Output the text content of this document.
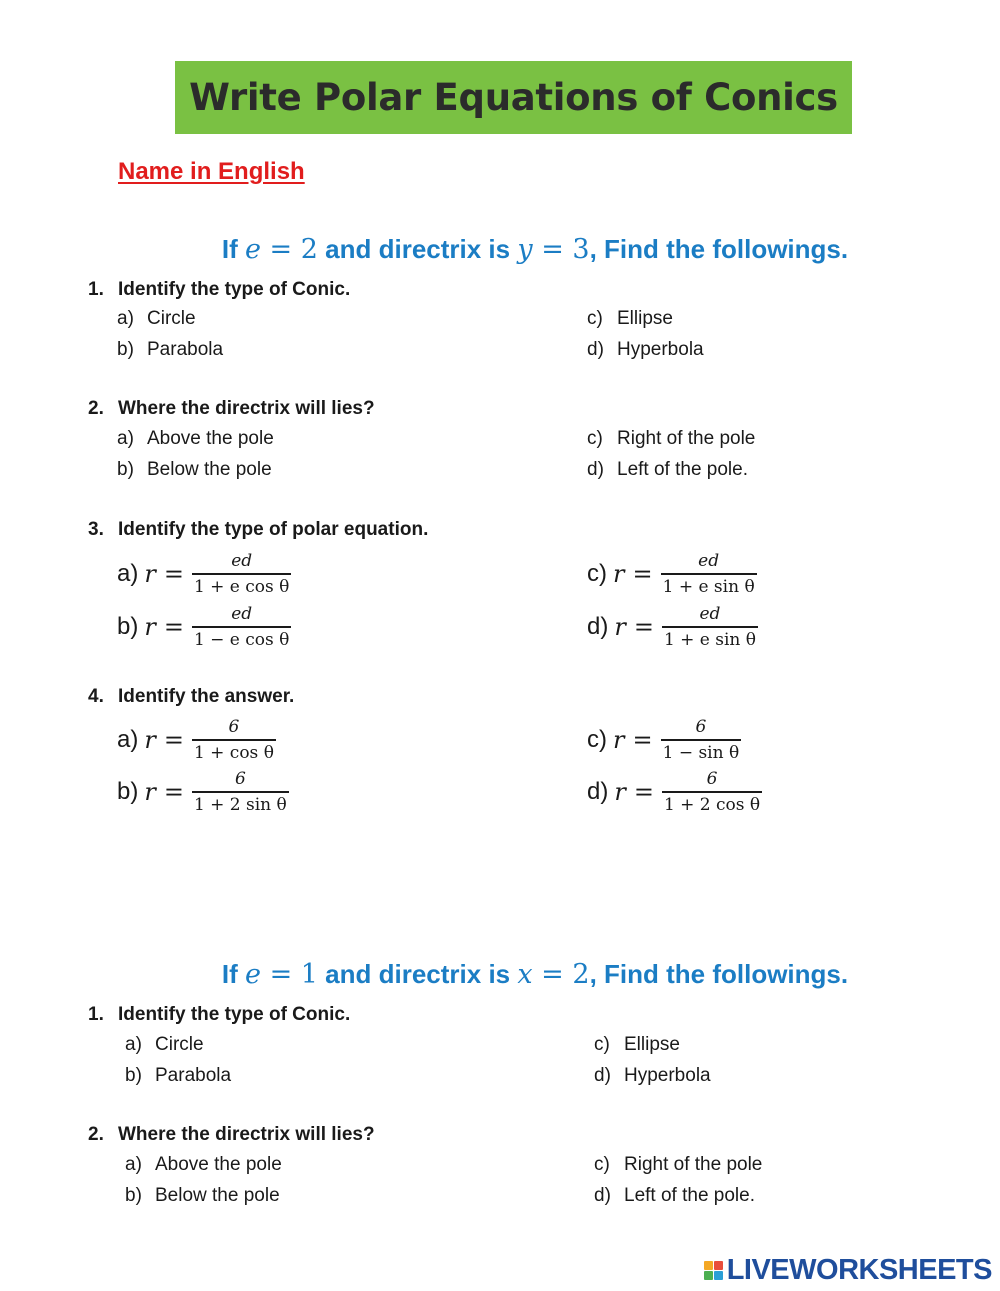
Write Polar Equations of Conics
Name in English
If e = 2 and directrix is y = 3, Find the followings.
1. Identify the type of Conic.
a) Circle
b) Parabola
c) Ellipse
d) Hyperbola
2. Where the directrix will lies?
a) Above the pole
b) Below the pole
c) Right of the pole
d) Left of the pole.
3. Identify the type of polar equation.
a) $r = \frac{ed}{\text{1 + e cos θ}}$
b) $r = \frac{ed}{\text{1 − e cos θ}}$
c) $r = \frac{ed}{\text{1 + e sin θ}}$
d) $r = \frac{ed}{\text{1 + e sin θ}}$
4. Identify the answer.
a) $r = \frac{6}{\text{1 + cos θ}}$
b) $r = \frac{6}{\text{1 + 2 sin θ}}$
c) $r = \frac{6}{\text{1 − sin θ}}$
d) $r = \frac{6}{\text{1 + 2 cos θ}}$
If e = 1 and directrix is x = 2, Find the followings.
1. Identify the type of Conic.
a) Circle
b) Parabola
c) Ellipse
d) Hyperbola
2. Where the directrix will lies?
a) Above the pole
b) Below the pole
c) Right of the pole
d) Left of the pole.
LIVEWORKSHEETS
